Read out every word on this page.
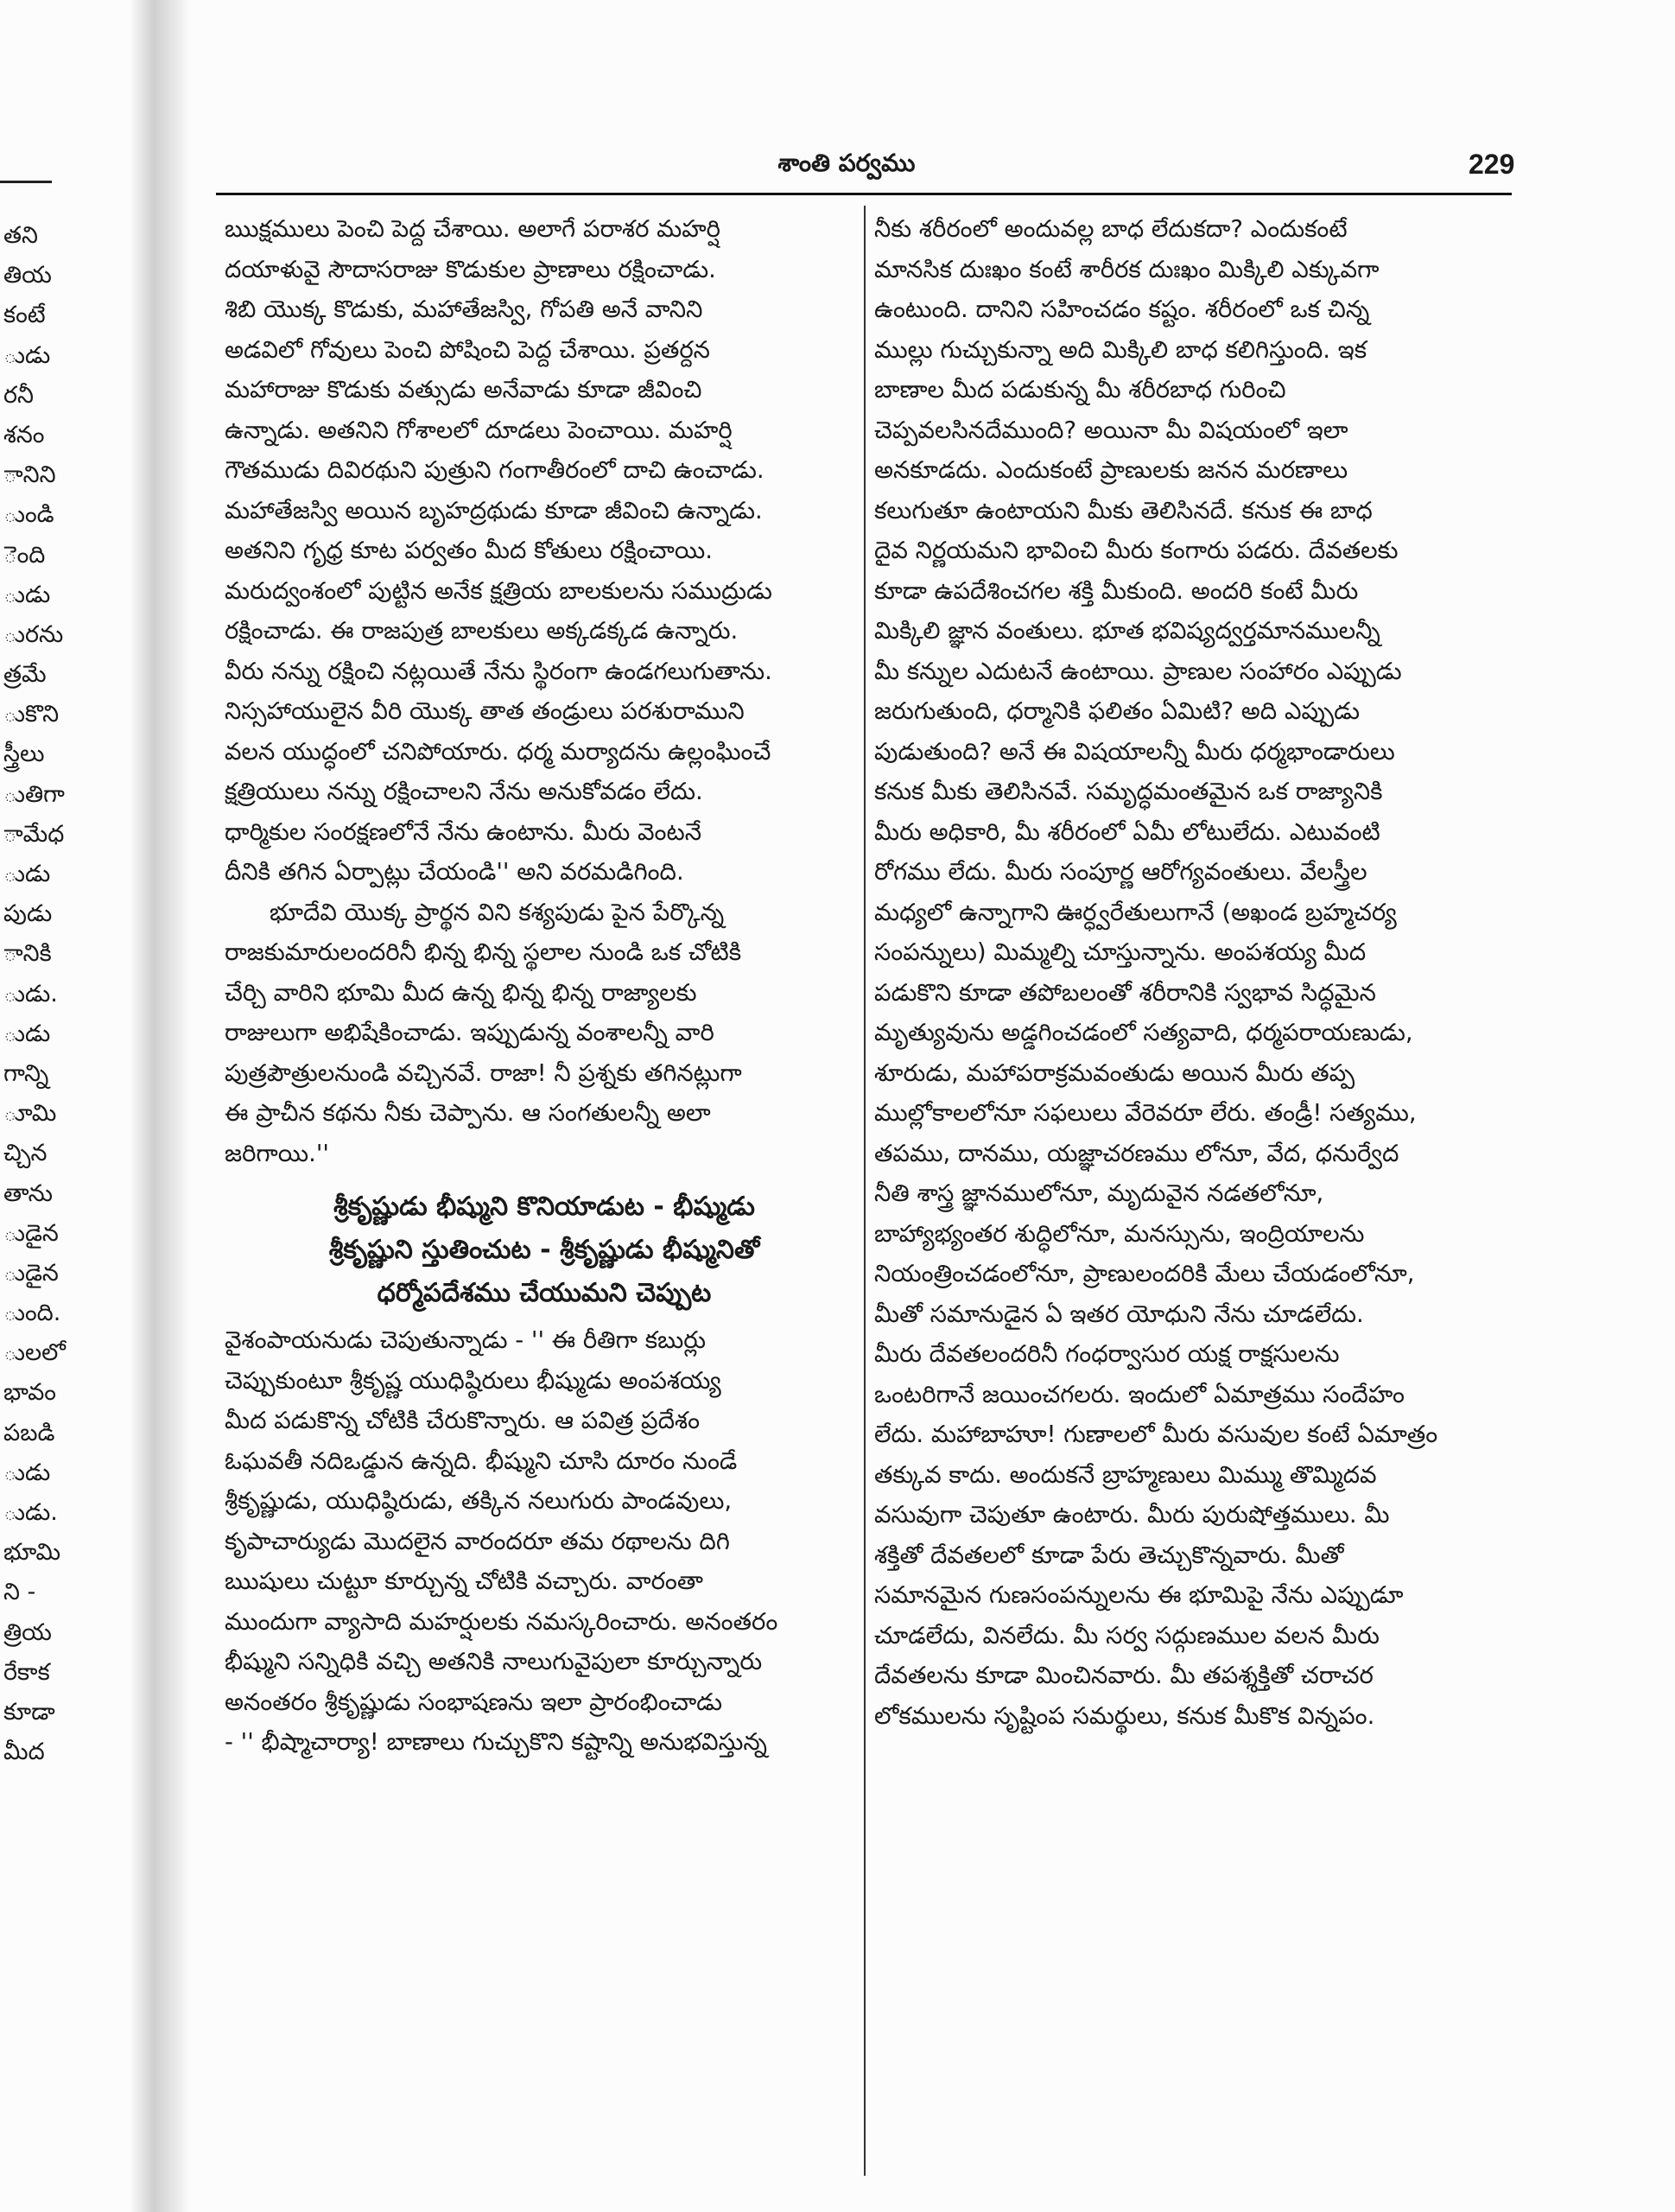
తని
తియ
కంటే
ుడు
రనీ
శనం
ానిని
ుండి
ెంది
ుడు
ురను
త్రమే
ుకొని
స్త్రీలు
ుతిగా
ామేధ
ుడు
పుడు
ానికి
ుడు.
ుడు
గాన్ని
ూమి
చ్చిన
తాను
ుడైన
ుడైన
ుంది.
ులలో
భావం
పబడి
ుడు
ుడు.
భూమి
ని -
త్రియ
రేకాక
కూడా
మీద
శాంతి పర్వము	229

ఋక్షములు పెంచి పెద్ద చేశాయి. అలాగే పరాశర మహర్షి
దయాళువై సౌదాసరాజు కొడుకుల ప్రాణాలు రక్షించాడు.
శిబి యొక్క కొడుకు, మహాతేజస్వి, గోపతి అనే వానిని
అడవిలో గోవులు పెంచి పోషించి పెద్ద చేశాయి. ప్రతర్దన
మహారాజు కొడుకు వత్సుడు అనేవాడు కూడా జీవించి
ఉన్నాడు. అతనిని గోశాలలో దూడలు పెంచాయి. మహర్షి
గౌతముడు దివిరథుని పుత్రుని గంగాతీరంలో దాచి ఉంచాడు.
మహాతేజస్వి అయిన బృహద్రథుడు కూడా జీవించి ఉన్నాడు.
అతనిని గృధ్ర కూట పర్వతం మీద కోతులు రక్షించాయి.
మరుద్వంశంలో పుట్టిన అనేక క్షత్రియ బాలకులను సముద్రుడు
రక్షించాడు. ఈ రాజపుత్ర బాలకులు అక్కడక్కడ ఉన్నారు.
వీరు నన్ను రక్షించి నట్లయితే నేను స్థిరంగా ఉండగలుగుతాను.
నిస్సహాయులైన వీరి యొక్క తాత తండ్రులు పరశురాముని
వలన యుద్ధంలో చనిపోయారు. ధర్మ మర్యాదను ఉల్లంఘించే
క్షత్రియులు నన్ను రక్షించాలని నేను అనుకోవడం లేదు.
ధార్మికుల సంరక్షణలోనే నేను ఉంటాను. మీరు వెంటనే
దీనికి తగిన ఏర్పాట్లు చేయండి'' అని వరమడిగింది.

భూదేవి యొక్క ప్రార్థన విని కశ్యపుడు పైన పేర్కొన్న
రాజకుమారులందరినీ భిన్న భిన్న స్థలాల నుండి ఒక చోటికి
చేర్చి వారిని భూమి మీద ఉన్న భిన్న భిన్న రాజ్యాలకు
రాజులుగా అభిషేకించాడు. ఇప్పుడున్న వంశాలన్నీ వారి
పుత్రపౌత్రులనుండి వచ్చినవే. రాజా! నీ ప్రశ్నకు తగినట్లుగా
ఈ ప్రాచీన కథను నీకు చెప్పాను. ఆ సంగతులన్నీ అలా
జరిగాయి.''

శ్రీకృష్ణుడు భీష్ముని కొనియాడుట - భీష్ముడు
శ్రీకృష్ణుని స్తుతించుట - శ్రీకృష్ణుడు భీష్మునితో
ధర్మోపదేశము చేయుమని చెప్పుట

వైశంపాయనుడు చెపుతున్నాడు - '' ఈ రీతిగా కబుర్లు
చెప్పుకుంటూ శ్రీకృష్ణ యుధిష్ఠిరులు భీష్ముడు అంపశయ్య
మీద పడుకొన్న చోటికి చేరుకొన్నారు. ఆ పవిత్ర ప్రదేశం
ఓఘవతీ నదిఒడ్డున ఉన్నది. భీష్ముని చూసి దూరం నుండే
శ్రీకృష్ణుడు, యుధిష్ఠిరుడు, తక్కిన నలుగురు పాండవులు,
కృపాచార్యుడు మొదలైన వారందరూ తమ రథాలను దిగి
ఋషులు చుట్టూ కూర్చున్న చోటికి వచ్చారు. వారంతా
ముందుగా వ్యాసాది మహర్షులకు నమస్కరించారు. అనంతరం
భీష్ముని సన్నిధికి వచ్చి అతనికి నాలుగువైపులా కూర్చున్నారు
అనంతరం శ్రీకృష్ణుడు సంభాషణను ఇలా ప్రారంభించాడు
- '' భీష్మాచార్యా! బాణాలు గుచ్చుకొని కష్టాన్ని అనుభవిస్తున్న

నీకు శరీరంలో అందువల్ల బాధ లేదుకదా? ఎందుకంటే
మానసిక దుఃఖం కంటే శారీరక దుఃఖం మిక్కిలి ఎక్కువగా
ఉంటుంది. దానిని సహించడం కష్టం. శరీరంలో ఒక చిన్న
ముల్లు గుచ్చుకున్నా అది మిక్కిలి బాధ కలిగిస్తుంది. ఇక
బాణాల మీద పడుకున్న మీ శరీరబాధ గురించి
చెప్పవలసినదేముంది? అయినా మీ విషయంలో ఇలా
అనకూడదు. ఎందుకంటే ప్రాణులకు జనన మరణాలు
కలుగుతూ ఉంటాయని మీకు తెలిసినదే. కనుక ఈ బాధ
దైవ నిర్ణయమని భావించి మీరు కంగారు పడరు. దేవతలకు
కూడా ఉపదేశించగల శక్తి మీకుంది. అందరి కంటే మీరు
మిక్కిలి జ్ఞాన వంతులు. భూత భవిష్యద్వర్తమానములన్నీ
మీ కన్నుల ఎదుటనే ఉంటాయి. ప్రాణుల సంహారం ఎప్పుడు
జరుగుతుంది, ధర్మానికి ఫలితం ఏమిటి? అది ఎప్పుడు
పుడుతుంది? అనే ఈ విషయాలన్నీ మీరు ధర్మభాండారులు
కనుక మీకు తెలిసినవే. సమృద్ధమంతమైన ఒక రాజ్యానికి
మీరు అధికారి, మీ శరీరంలో ఏమీ లోటులేదు. ఎటువంటి
రోగము లేదు. మీరు సంపూర్ణ ఆరోగ్యవంతులు. వేలస్త్రీల
మధ్యలో ఉన్నాగాని ఊర్ధ్వరేతులుగానే (అఖండ బ్రహ్మచర్య
సంపన్నులు) మిమ్మల్ని చూస్తున్నాను. అంపశయ్య మీద
పడుకొని కూడా తపోబలంతో శరీరానికి స్వభావ సిద్ధమైన
మృత్యువును అడ్డగించడంలో సత్యవాది, ధర్మపరాయణుడు,
శూరుడు, మహాపరాక్రమవంతుడు అయిన మీరు తప్ప
ముల్లోకాలలోనూ సఫలులు వేరెవరూ లేరు. తండ్రీ! సత్యము,
తపము, దానము, యజ్ఞాచరణము లోనూ, వేద, ధనుర్వేద
నీతి శాస్త్ర జ్ఞానములోనూ, మృదువైన నడతలోనూ,
బాహ్యాభ్యంతర శుద్ధిలోనూ, మనస్సును, ఇంద్రియాలను
నియంత్రించడంలోనూ, ప్రాణులందరికి మేలు చేయడంలోనూ,
మీతో సమానుడైన ఏ ఇతర యోధుని నేను చూడలేదు.
మీరు దేవతలందరినీ గంధర్వాసుర యక్ష రాక్షసులను
ఒంటరిగానే జయించగలరు. ఇందులో ఏమాత్రము సందేహం
లేదు. మహాబాహూ! గుణాలలో మీరు వసువుల కంటే ఏమాత్రం
తక్కువ కాదు. అందుకనే బ్రాహ్మణులు మిమ్ము తొమ్మిదవ
వసువుగా చెపుతూ ఉంటారు. మీరు పురుషోత్తములు. మీ
శక్తితో దేవతలలో కూడా పేరు తెచ్చుకొన్నవారు. మీతో
సమానమైన గుణసంపన్నులను ఈ భూమిపై నేను ఎప్పుడూ
చూడలేదు, వినలేదు. మీ సర్వ సద్గుణముల వలన మీరు
దేవతలను కూడా మించినవారు. మీ తపశ్శక్తితో చరాచర
లోకములను సృష్టింప సమర్థులు, కనుక మీకొక విన్నపం.
